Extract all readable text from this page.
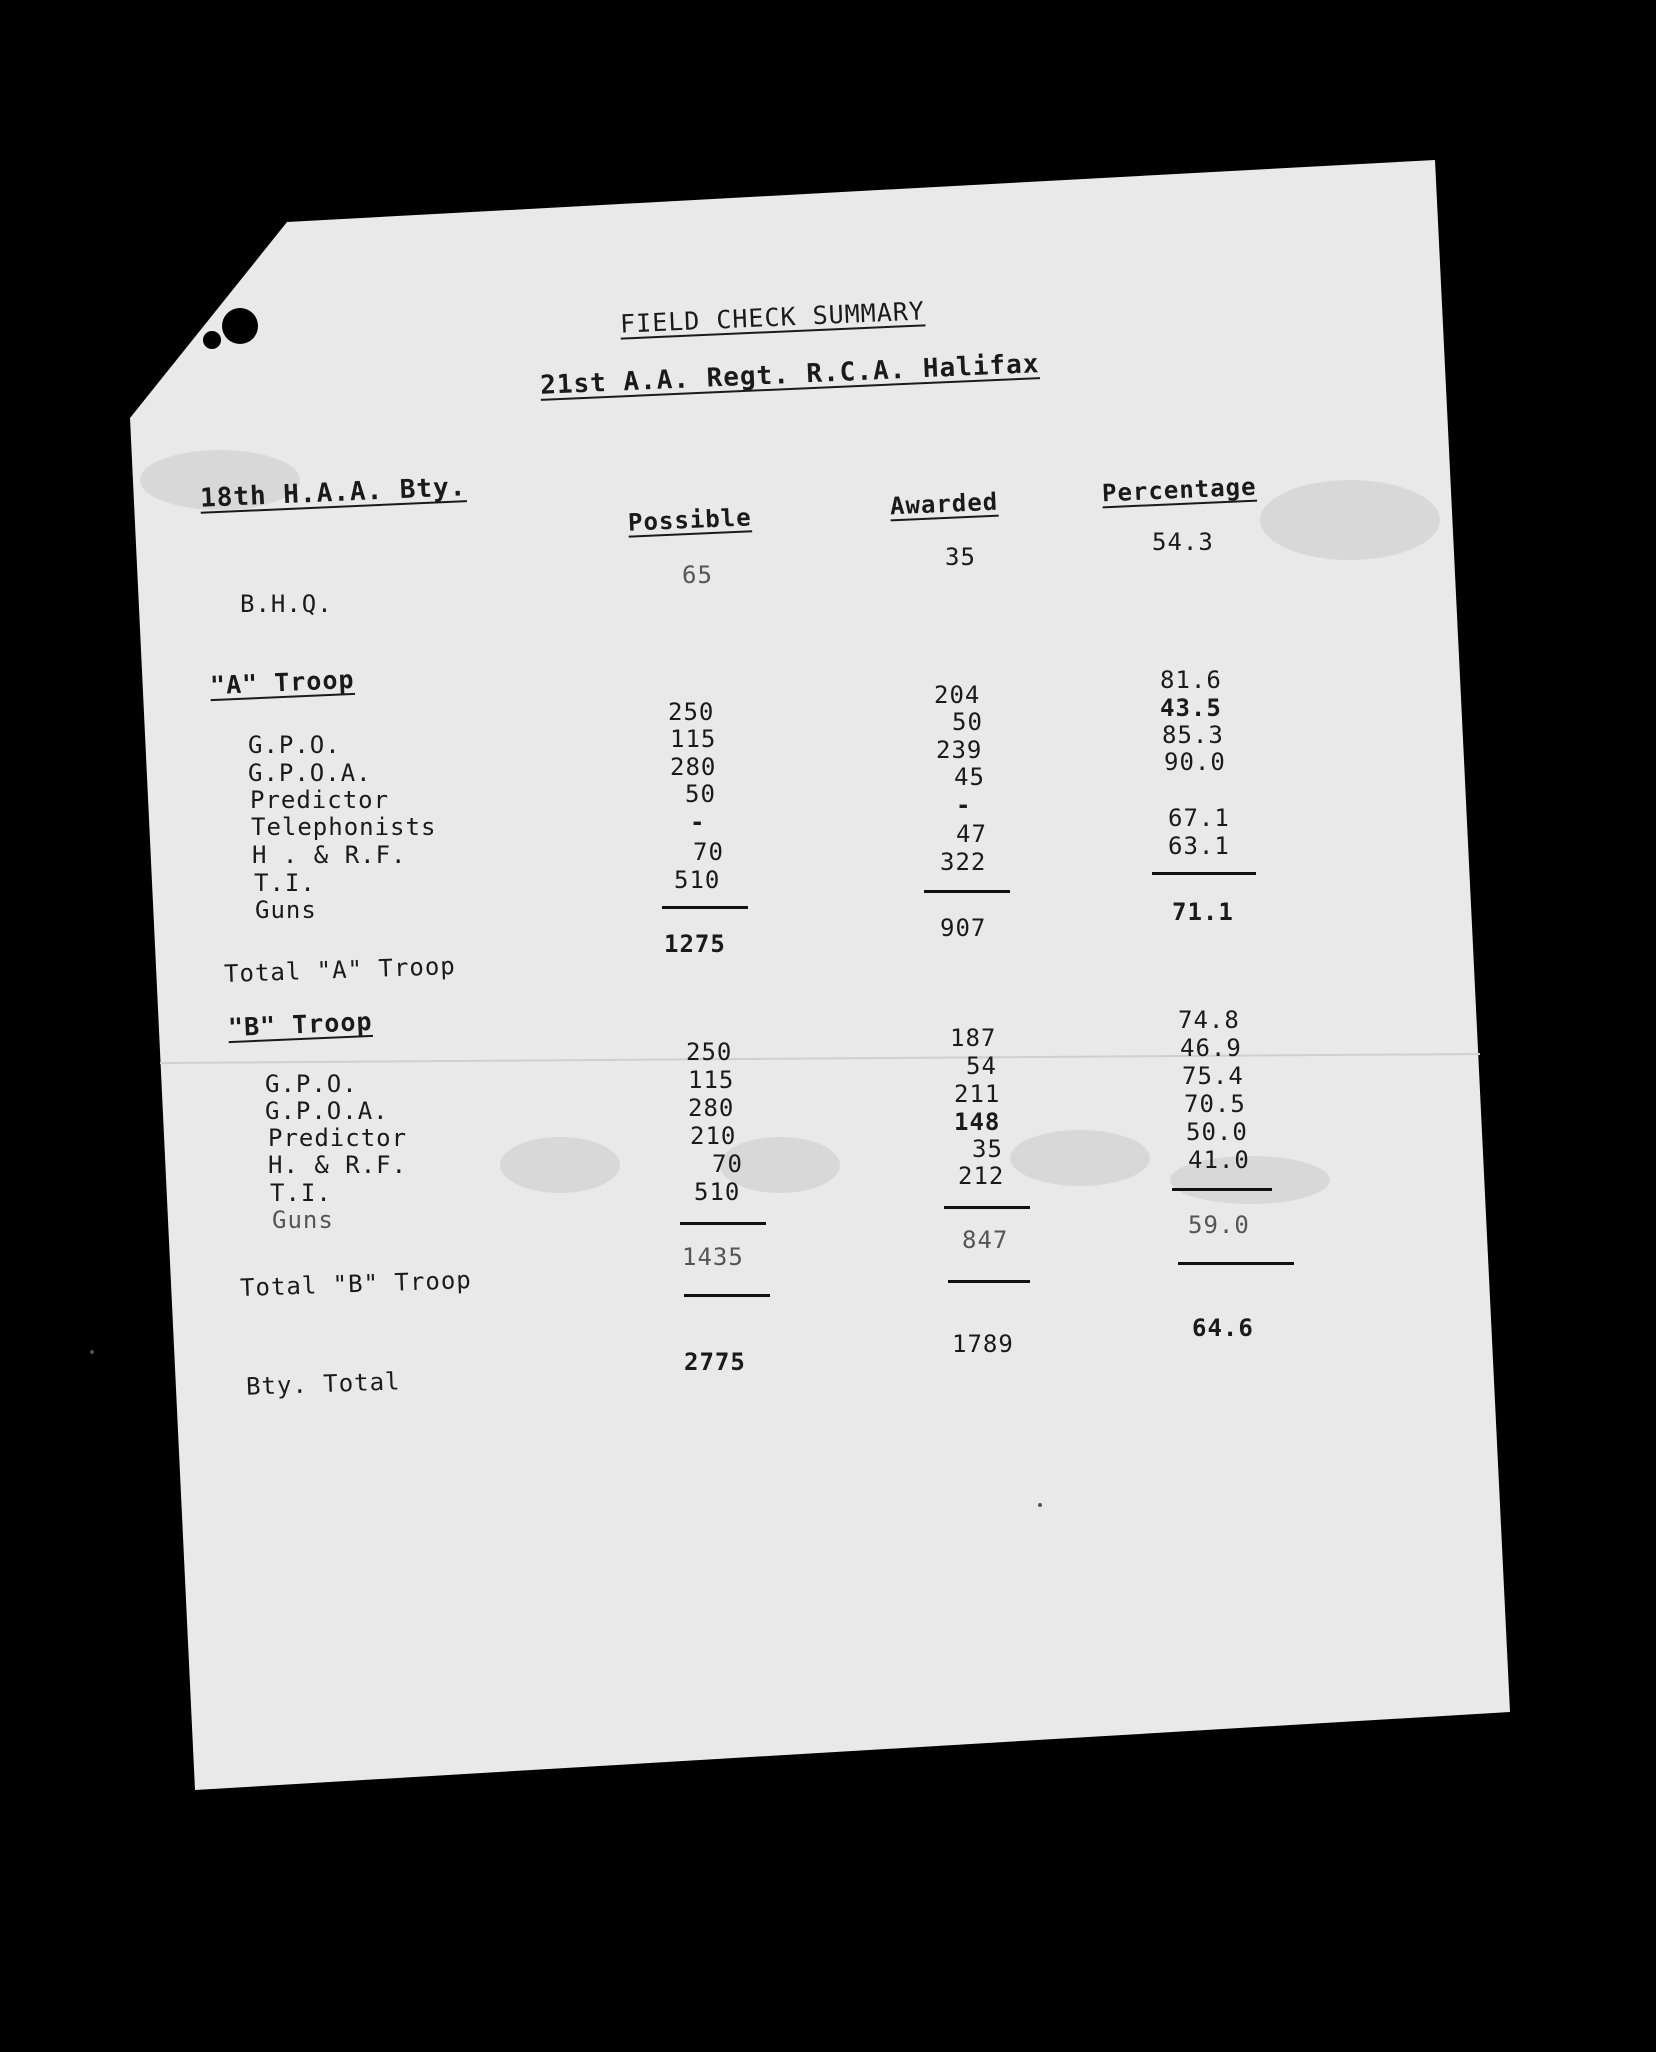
FIELD CHECK SUMMARY
21st A.A. Regt. R.C.A. Halifax
18th H.A.A. Bty.
Possible	Awarded	Percentage
B.H.Q.
65
35
54.3
"A" Troop
G.P.O.
G.P.O.A.
Predictor
Telephonists
H . & R.F.
T.I.
Guns
250
115
280
50
-
70
510
204
50
239
45
-
47
322
81.6
43.5
85.3
90.0
67.1
63.1
Total "A" Troop
1275
907
71.1
"B" Troop
G.P.O.
G.P.O.A.
Predictor
H. & R.F.
T.I.
Guns
250
115
280
210
70
510
187
54
211
148
35
212
74.8
46.9
75.4
70.5
50.0
41.0
Total "B" Troop
1435
847
59.0
Bty. Total
2775
1789
64.6
